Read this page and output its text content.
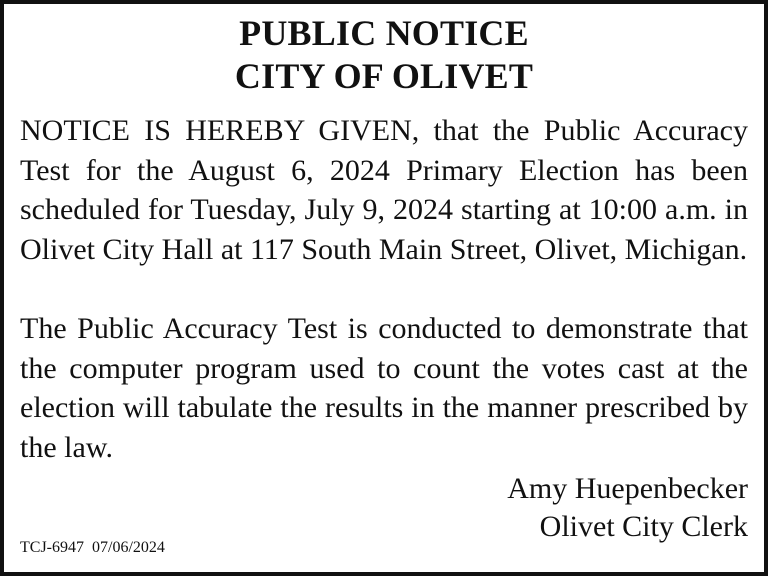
PUBLIC NOTICE
CITY OF OLIVET
NOTICE IS HEREBY GIVEN, that the Public Accuracy Test for the August 6, 2024 Primary Election has been scheduled for Tuesday, July 9, 2024 starting at 10:00 a.m. in Olivet City Hall at 117 South Main Street, Olivet, Michigan.
The Public Accuracy Test is conducted to demonstrate that the computer program used to count the votes cast at the election will tabulate the results in the manner prescribed by the law.
Amy Huepenbecker
Olivet City Clerk
TCJ-6947  07/06/2024
